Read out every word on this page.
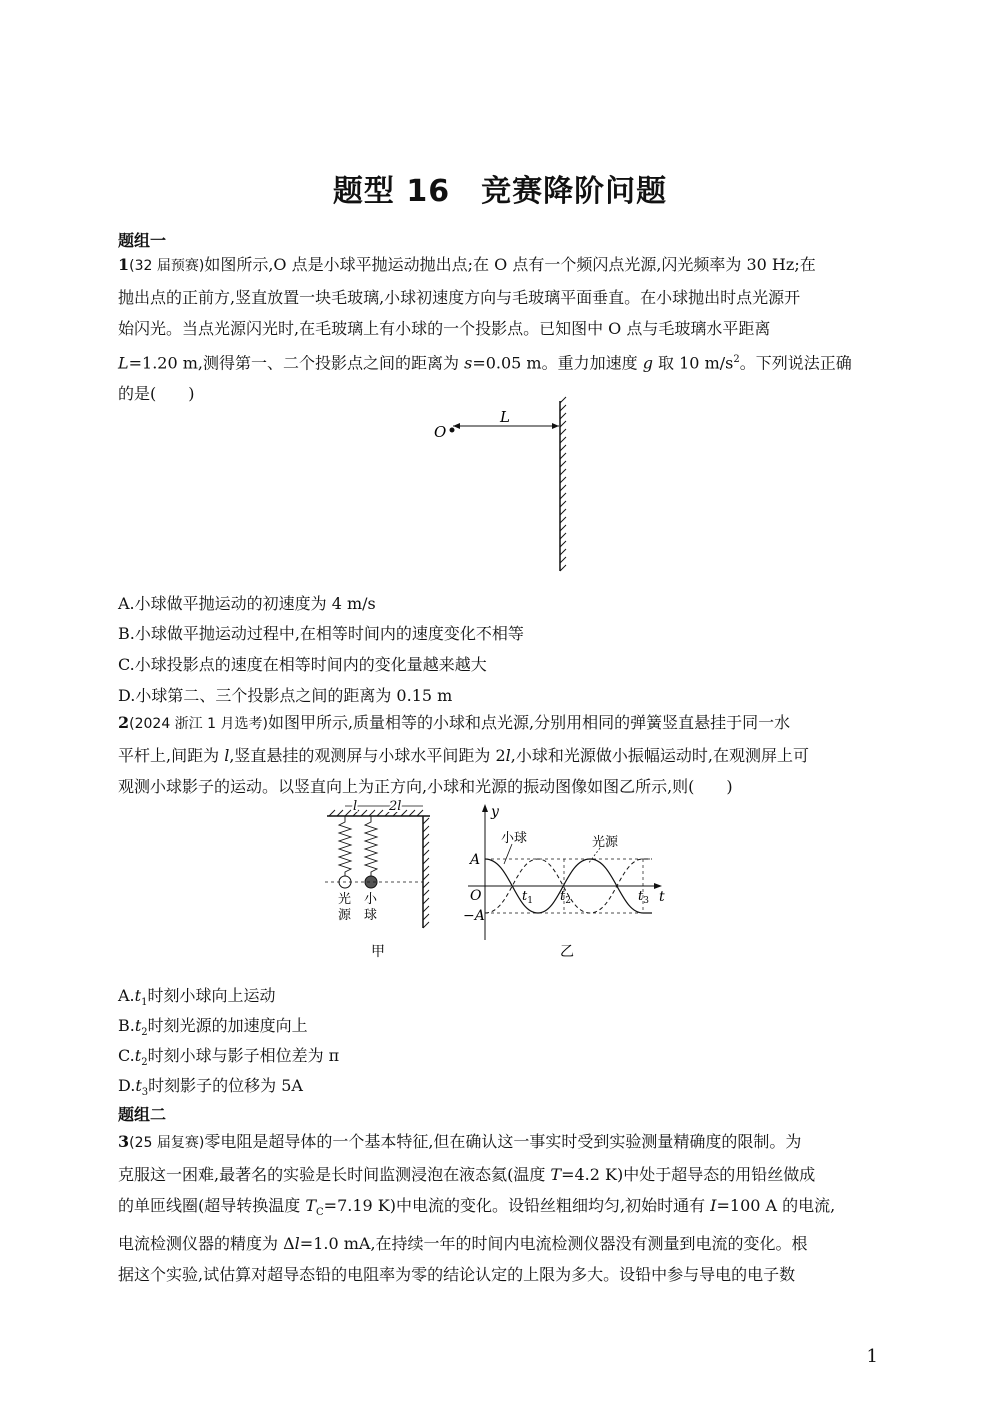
题型 16　竞赛降阶问题
题组一

1(32 届预赛)如图所示,O 点是小球平抛运动抛出点;在 O 点有一个频闪点光源,闪光频率为 30 Hz;在

抛出点的正前方,竖直放置一块毛玻璃,小球初速度方向与毛玻璃平面垂直。在小球抛出时点光源开

始闪光。当点光源闪光时,在毛玻璃上有小球的一个投影点。已知图中 O 点与毛玻璃水平距离

L=1.20 m,测得第一、二个投影点之间的距离为 s=0.05 m。重力加速度 g 取 10 $m/s^2$。下列说法正确

的是(　　)

O
L
A.小球做平抛运动的初速度为 4 m/s
B.小球做平抛运动过程中,在相等时间内的速度变化不相等
C.小球投影点的速度在相等时间内的变化量越来越大
D.小球第二、三个投影点之间的距离为 0.15 m

2(2024 浙江 1 月选考)如图甲所示,质量相等的小球和点光源,分别用相同的弹簧竖直悬挂于同一水

平杆上,间距为 l,竖直悬挂的观测屏与小球水平间距为 2l,小球和光源做小振幅运动时,在观测屏上可

观测小球影子的运动。以竖直向上为正方向,小球和光源的振动图像如图乙所示,则(　　)

l 2l
光
源
小
球
甲
y
t
O
A
−A
小球	光源
$t_1$ $t_2$	$t_3$
乙
$A.t_1$时刻小球向上运动
$B.t_2$时刻光源的加速度向上
$C.t_2$时刻小球与影子相位差为 π
$D.t_3$时刻影子的位移为 5A
题组二

3(25 届复赛)零电阻是超导体的一个基本特征,但在确认这一事实时受到实验测量精确度的限制。为

克服这一困难,最著名的实验是长时间监测浸泡在液态氦(温度 T=4.2 K)中处于超导态的用铅丝做成

的单匝线圈(超导转换温度 $T_C=7.19$ K)中电流的变化。设铅丝粗细均匀,初始时通有 I=100 A 的电流,

电流检测仪器的精度为 Δl=1.0 mA,在持续一年的时间内电流检测仪器没有测量到电流的变化。根

据这个实验,试估算对超导态铅的电阻率为零的结论认定的上限为多大。设铅中参与导电的电子数

1
